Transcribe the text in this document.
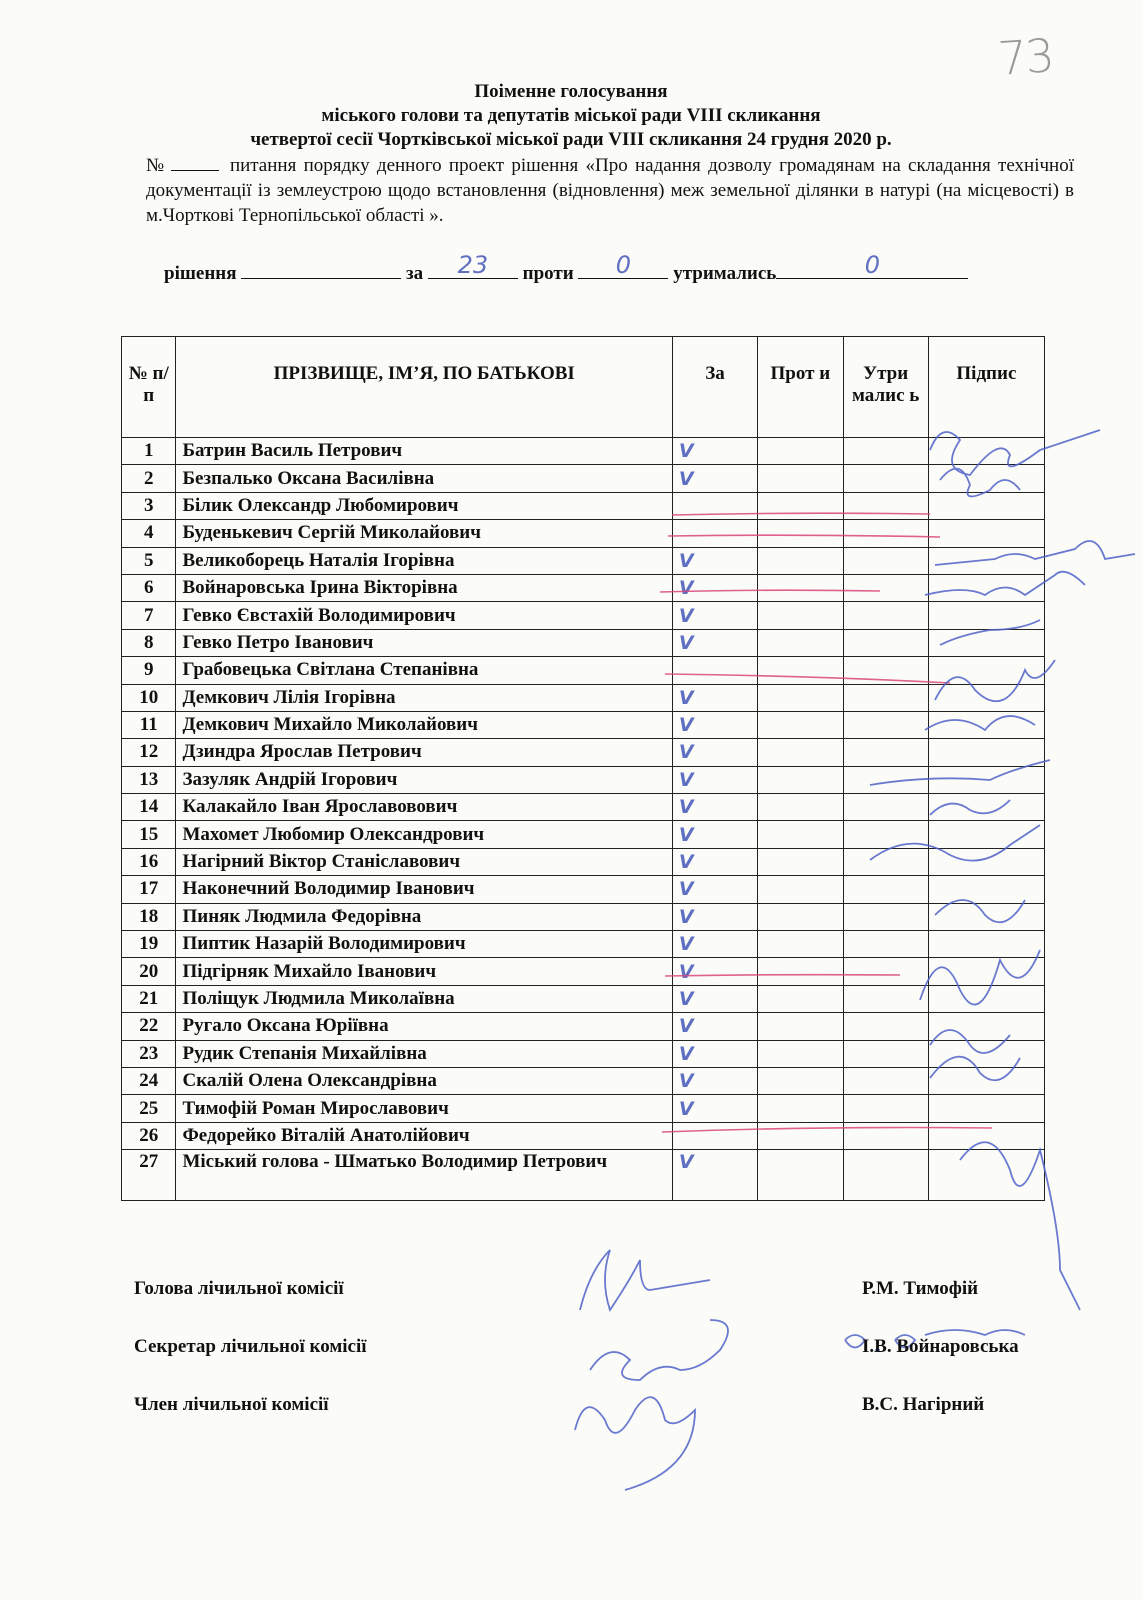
73
Поіменне голосування
міського голови та депутатів міської ради VIII скликання
четвертої сесії Чортківської міської ради VIII скликання 24 грудня 2020 р.
№	питання порядку денного проект рішення «Про надання дозволу громадянам на складання технічної документації із землеустрою щодо встановлення (відновлення) меж земельної ділянки в натурі (на місцевості) в м.Чорткові Тернопільської області ».
рішення	за 23 проти 0 утримались	0
№ п/п	ПРІЗВИЩЕ, ІМ’Я, ПО БАТЬКОВІ	За	Прот и	Утри малис ь	Підпис
1	Батрин Василь Петрович	V			
2	Безпалько Оксана Василівна	V			
3	Білик Олександр Любомирович				
4	Буденькевич Сергій Миколайович				
5	Великоборець Наталія Ігорівна	V			
6	Войнаровська Ірина Вікторівна	V			
7	Гевко Євстахій Володимирович	V			
8	Гевко Петро Іванович	V			
9	Грабовецька Світлана Степанівна				
10	Демкович Лілія Ігорівна	V			
11	Демкович Михайло Миколайович	V			
12	Дзиндра Ярослав Петрович	V			
13	Зазуляк Андрій Ігорович	V			
14	Калакайло Іван Ярославовович	V			
15	Махомет Любомир Олександрович	V			
16	Нагірний Віктор Станіславович	V			
17	Наконечний Володимир Іванович	V			
18	Пиняк Людмила Федорівна	V			
19	Пиптик Назарій Володимирович	V			
20	Підгірняк Михайло Іванович	V			
21	Поліщук Людмила Миколаївна	V			
22	Ругало Оксана Юріївна	V			
23	Рудик Степанія Михайлівна	V			
24	Скалій Олена Олександрівна	V			
25	Тимофій Роман Мирославович	V			
26	Федорейко Віталій Анатолійович				
27	Міський голова - Шматько Володимир Петрович	V			
Голова лічильної комісії	Р.М. Тимофій
Секретар лічильної комісії	І.В. Войнаровська
Член лічильної комісії	В.С. Нагірний
